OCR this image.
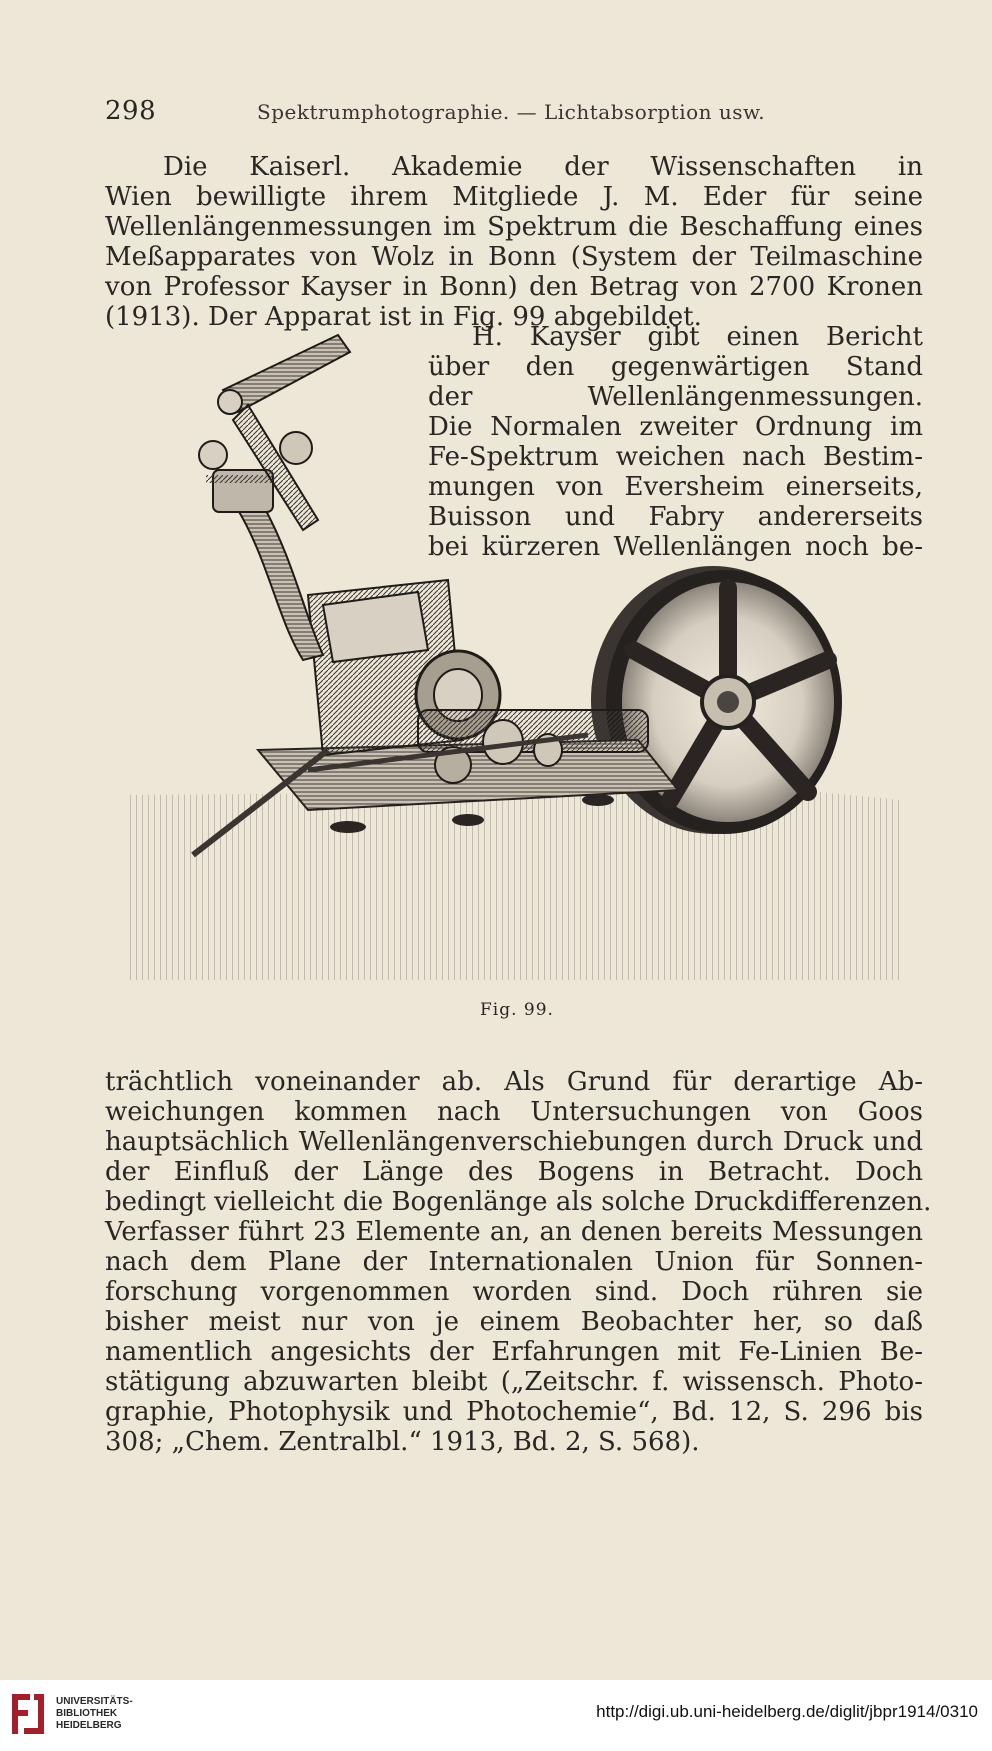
298	Spektrumphotographie. — Lichtabsorption usw.
Die Kaiserl. Akademie der Wissenschaften in
Wien bewilligte ihrem Mitgliede J. M. Eder für seine
Wellenlängenmessungen im Spektrum die Beschaffung eines
Meßapparates von Wolz in Bonn (System der Teilmaschine
von Professor Kayser in Bonn) den Betrag von 2700 Kronen
(1913). Der Apparat ist in Fig. 99 abgebildet.
H. Kayser gibt einen Bericht
über den gegenwärtigen Stand
der Wellenlängenmessungen.
Die Normalen zweiter Ordnung im
Fe-Spektrum weichen nach Bestim-
mungen von Eversheim einerseits,
Buisson und Fabry andererseits
bei kürzeren Wellenlängen noch be-
Fig. 99.
trächtlich voneinander ab. Als Grund für derartige Ab-
weichungen kommen nach Untersuchungen von Goos
hauptsächlich Wellenlängenverschiebungen durch Druck und
der Einfluß der Länge des Bogens in Betracht. Doch
bedingt vielleicht die Bogenlänge als solche Druckdifferenzen.
Verfasser führt 23 Elemente an, an denen bereits Messungen
nach dem Plane der Internationalen Union für Sonnen-
forschung vorgenommen worden sind. Doch rühren sie
bisher meist nur von je einem Beobachter her, so daß
namentlich angesichts der Erfahrungen mit Fe-Linien Be-
stätigung abzuwarten bleibt („Zeitschr. f. wissensch. Photo-
graphie, Photophysik und Photochemie“, Bd. 12, S. 296 bis
308; „Chem. Zentralbl.“ 1913, Bd. 2, S. 568).
UNIVERSITÄTS-
BIBLIOTHEK
HEIDELBERG
http://digi.ub.uni-heidelberg.de/diglit/jbpr1914/0310
